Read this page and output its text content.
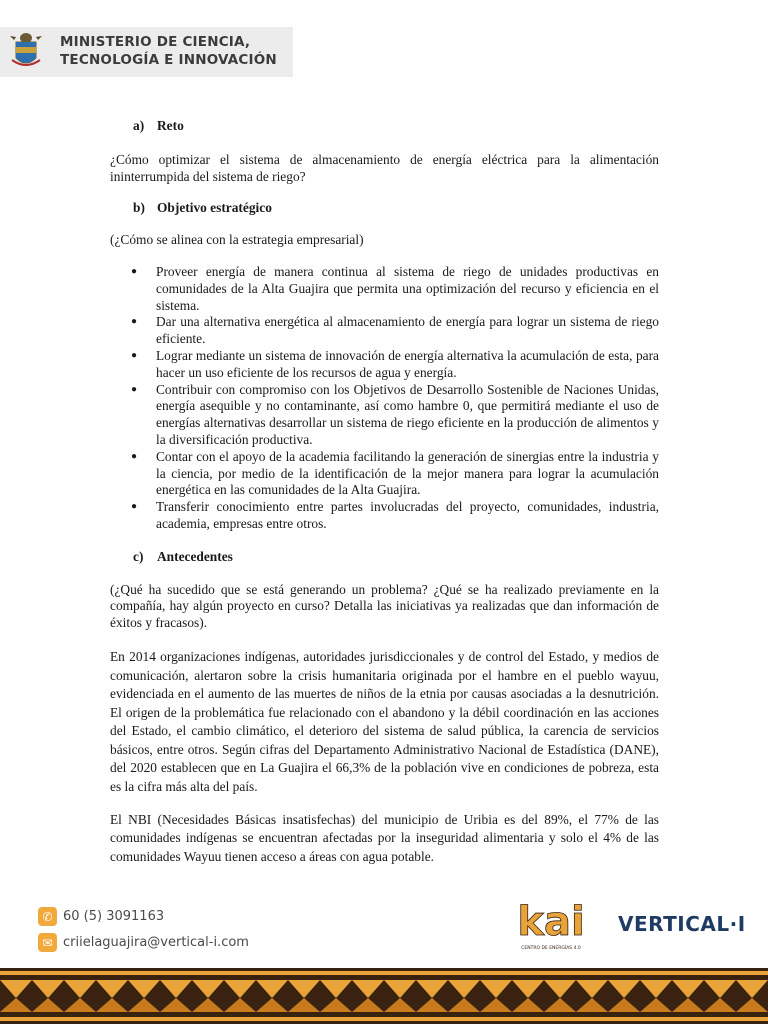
MINISTERIO DE CIENCIA,
TECNOLOGÍA E INNOVACIÓN
a) Reto

¿Cómo optimizar el sistema de almacenamiento de energía eléctrica para la alimentación ininterrumpida del sistema de riego?

b) Objetivo estratégico

(¿Cómo se alinea con la estrategia empresarial)

● Proveer energía de manera continua al sistema de riego de unidades productivas en comunidades de la Alta Guajira que permita una optimización del recurso y eficiencia en el sistema.
● Dar una alternativa energética al almacenamiento de energía para lograr un sistema de riego eficiente.
● Lograr mediante un sistema de innovación de energía alternativa la acumulación de esta, para hacer un uso eficiente de los recursos de agua y energía.
● Contribuir con compromiso con los Objetivos de Desarrollo Sostenible de Naciones Unidas, energía asequible y no contaminante, así como hambre 0, que permitirá mediante el uso de energías alternativas desarrollar un sistema de riego eficiente en la producción de alimentos y la diversificación productiva.
● Contar con el apoyo de la academia facilitando la generación de sinergias entre la industria y la ciencia, por medio de la identificación de la mejor manera para lograr la acumulación energética en las comunidades de la Alta Guajira.
● Transferir conocimiento entre partes involucradas del proyecto, comunidades, industria, academia, empresas entre otros.
c)	Antecedentes

(¿Qué ha sucedido que se está generando un problema? ¿Qué se ha realizado previamente en la compañía, hay algún proyecto en curso? Detalla las iniciativas ya realizadas que dan información de éxitos y fracasos).

En 2014 organizaciones indígenas, autoridades jurisdiccionales y de control del Estado, y medios de comunicación, alertaron sobre la crisis humanitaria originada por el hambre en el pueblo wayuu, evidenciada en el aumento de las muertes de niños de la etnia por causas asociadas a la desnutrición. El origen de la problemática fue relacionado con el abandono y la débil coordinación en las acciones del Estado, el cambio climático, el deterioro del sistema de salud pública, la carencia de servicios básicos, entre otros. Según cifras del Departamento Administrativo Nacional de Estadística (DANE), del 2020 establecen que en La Guajira el 66,3% de la población vive en condiciones de pobreza, esta es la cifra más alta del país.

El NBI (Necesidades Básicas insatisfechas) del municipio de Uribia es del 89%, el 77% de las comunidades indígenas se encuentran afectadas por la inseguridad alimentaria y solo el 4% de las comunidades Wayuu tienen acceso a áreas con agua potable.

✆ 60 (5) 3091163
✉ criielaguajira@vertical-i.com	kai
CENTRO DE ENERGÍAS 4.0
VERTICAL·I
